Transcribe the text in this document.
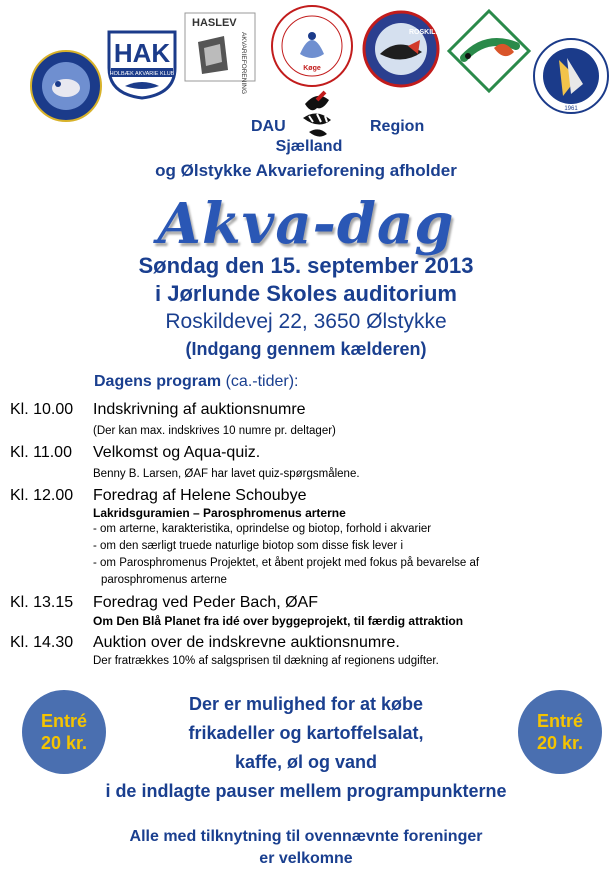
HAK
HOLBÆK AKVARIE KLUB
HASLEV
AKVARIEFORENING	Køge
ROSKILDE
1961
DAU	Region
Sjælland
og Ølstykke Akvarieforening afholder
Akva-dag
Søndag den 15. september 2013
i Jørlunde Skoles auditorium
Roskildevej 22, 3650 Ølstykke
(Indgang gennem kælderen)
Dagens program (ca.-tider):
Kl. 10.00 Indskrivning af auktionsnumre
(Der kan max. indskrives 10 numre pr. deltager)
Kl. 11.00 Velkomst og Aqua-quiz.
Benny B. Larsen, ØAF har lavet quiz-spørgsmålene.
Kl. 12.00 Foredrag af Helene Schoubye
Lakridsguramien – Parosphromenus arterne
- om arterne, karakteristika, oprindelse og biotop, forhold i akvarier
- om den særligt truede naturlige biotop som disse fisk lever i
- om Parosphromenus Projektet, et åbent projekt med fokus på bevarelse af
parosphromenus arterne
Kl. 13.15 Foredrag ved Peder Bach, ØAF
Om Den Blå Planet fra idé over byggeprojekt, til færdig attraktion
Kl. 14.30 Auktion over de indskrevne auktionsnumre.
Der fratrækkes 10% af salgsprisen til dækning af regionens udgifter.
Entré
20 kr.
Entré
20 kr.
Der er mulighed for at købe
frikadeller og kartoffelsalat,
kaffe, øl og vand
i de indlagte pauser mellem programpunkterne
Alle med tilknytning til ovennævnte foreninger
er velkomne
